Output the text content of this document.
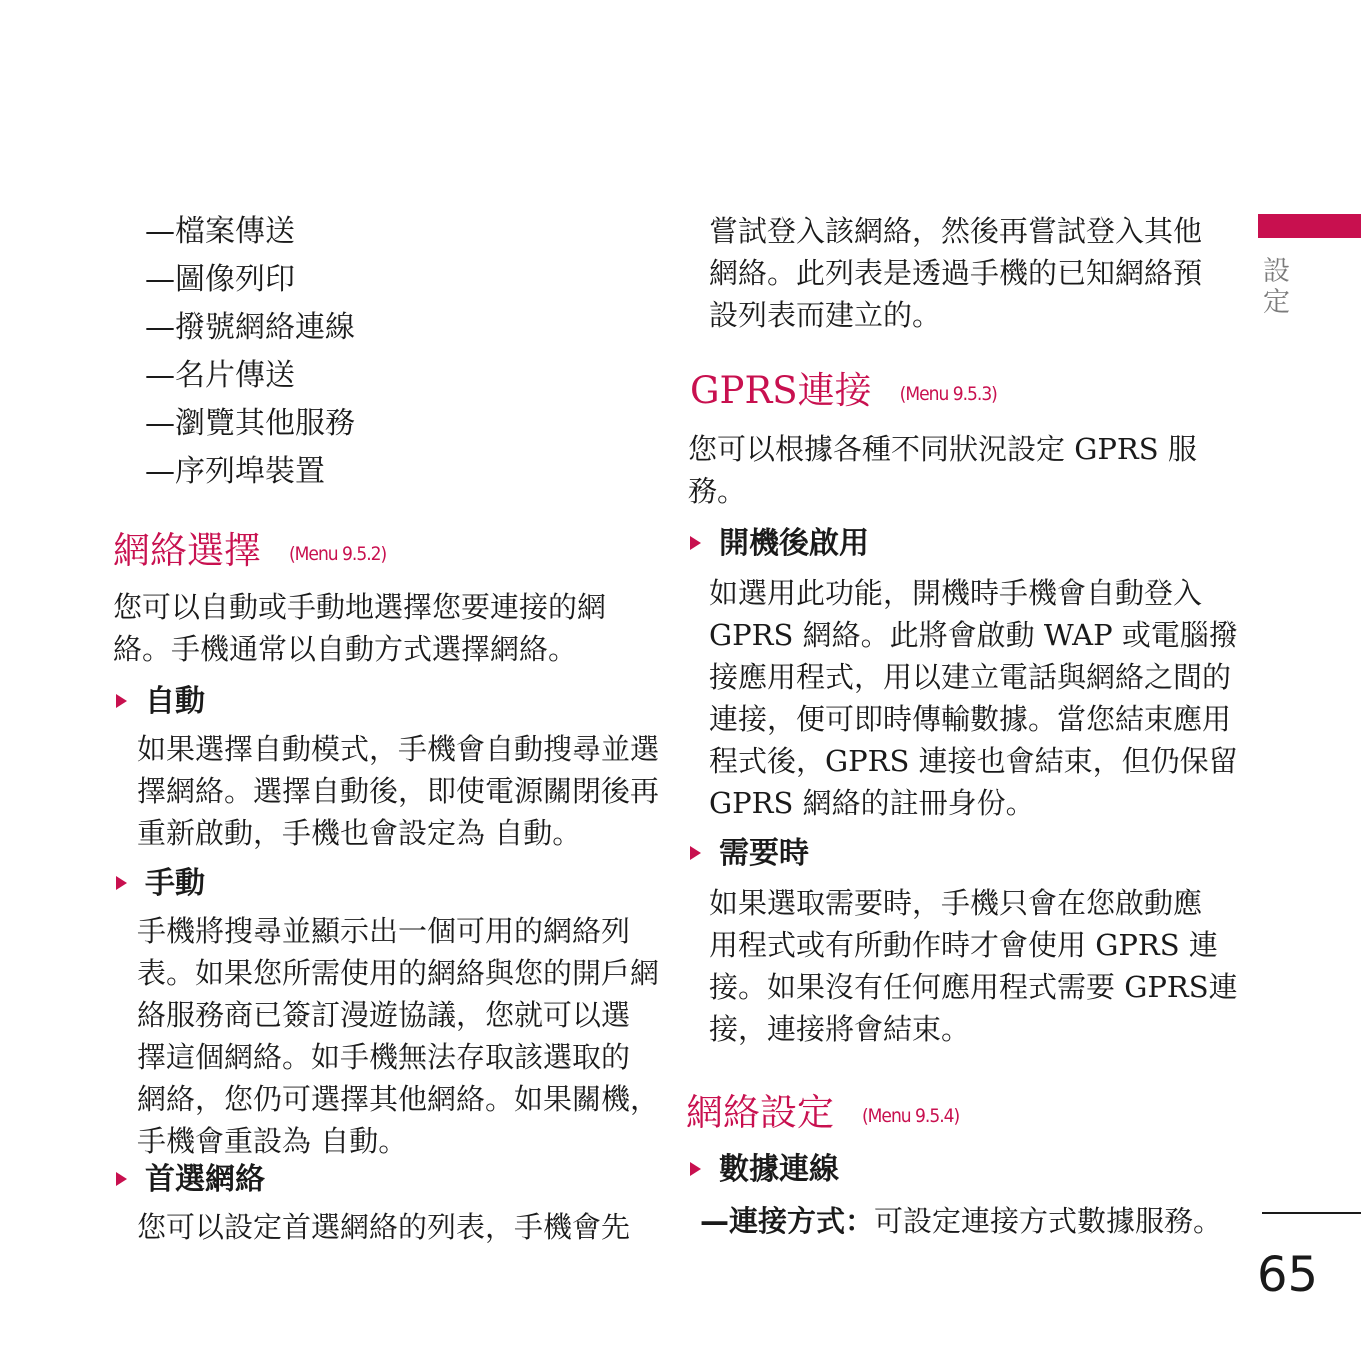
—檔案傳送
—圖像列印
—撥號網絡連線
—名片傳送
—瀏覽其他服務
—序列埠裝置
網絡選擇 (Menu 9.5.2)
您可以自動或手動地選擇您要連接的網
絡。手機通常以自動方式選擇網絡。
自動
如果選擇自動模式，手機會自動搜尋並選
擇網絡。選擇自動後，即使電源關閉後再
重新啟動，手機也會設定為 自動。
手動
手機將搜尋並顯示出一個可用的網絡列
表。如果您所需使用的網絡與您的開戶網
絡服務商已簽訂漫遊協議，您就可以選
擇這個網絡。如手機無法存取該選取的
網絡，您仍可選擇其他網絡。如果關機，
手機會重設為 自動。
首選網絡
您可以設定首選網絡的列表，手機會先
嘗試登入該網絡，然後再嘗試登入其他
網絡。此列表是透過手機的已知網絡預
設列表而建立的。
GPRS連接 (Menu 9.5.3)
您可以根據各種不同狀況設定 GPRS 服
務。
開機後啟用
如選用此功能，開機時手機會自動登入
GPRS 網絡。此將會啟動 WAP 或電腦撥
接應用程式，用以建立電話與網絡之間的
連接，便可即時傳輸數據。當您結束應用
程式後，GPRS 連接也會結束，但仍保留
GPRS 網絡的註冊身份。
需要時
如果選取需要時，手機只會在您啟動應
用程式或有所動作時才會使用 GPRS 連
接。如果沒有任何應用程式需要 GPRS連
接，連接將會結束。
網絡設定 (Menu 9.5.4)
數據連線
—連接方式：可設定連接方式數據服務。
設定
65
